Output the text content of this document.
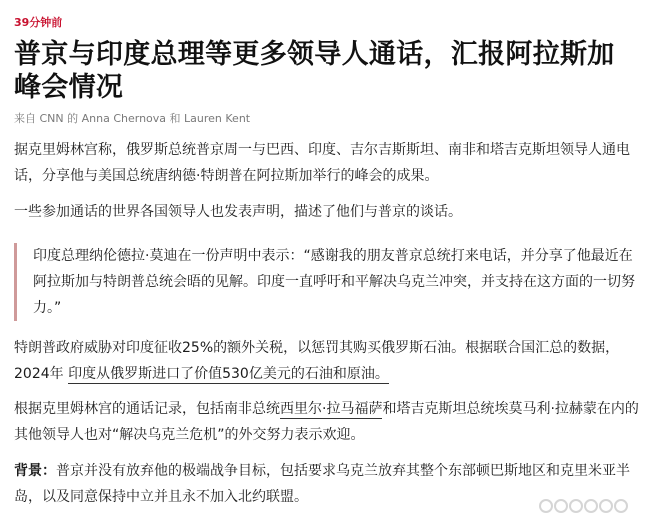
39分钟前
普京与印度总理等更多领导人通话，汇报阿拉斯加峰会情况
来自 CNN 的 Anna Chernova 和 Lauren Kent
据克里姆林宫称，俄罗斯总统普京周一与巴西、印度、吉尔吉斯斯坦、南非和塔吉克斯坦领导人通电话，分享他与美国总统唐纳德·特朗普在阿拉斯加举行的峰会的成果。
一些参加通话的世界各国领导人也发表声明，描述了他们与普京的谈话。
印度总理纳伦德拉·莫迪在一份声明中表示：“感谢我的朋友普京总统打来电话，并分享了他最近在阿拉斯加与特朗普总统会晤的见解。印度一直呼吁和平解决乌克兰冲突，并支持在这方面的一切努力。”
特朗普政府威胁对印度征收25%的额外关税，以惩罚其购买俄罗斯石油。根据联合国汇总的数据，2024年 印度从俄罗斯进口了价值530亿美元的石油和原油。
根据克里姆林宫的通话记录，包括南非总统西里尔·拉马福萨和塔吉克斯坦总统埃莫马利·拉赫蒙在内的其他领导人也对“解决乌克兰危机”的外交努力表示欢迎。
背景：普京并没有放弃他的极端战争目标，包括要求乌克兰放弃其整个东部顿巴斯地区和克里米亚半岛，以及同意保持中立并且永不加入北约联盟。
